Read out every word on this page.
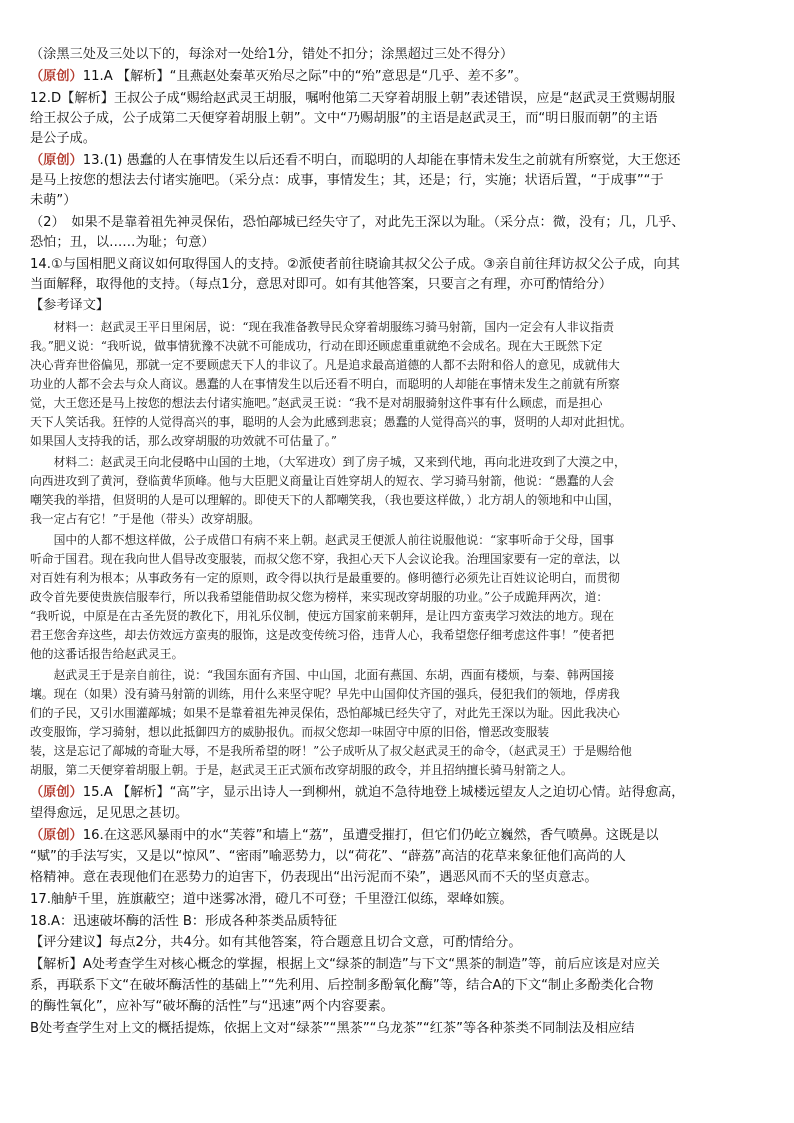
（涂黑三处及三处以下的，每涂对一处给1分，错处不扣分；涂黑超过三处不得分）
（原创）11.A 【解析】“且燕赵处秦革灭殆尽之际”中的“殆”意思是“几乎、差不多”。
12.D【解析】王叔公子成“赐给赵武灵王胡服，嘱咐他第二天穿着胡服上朝”表述错误，应是“赵武灵王赏赐胡服
给王叔公子成，公子成第二天便穿着胡服上朝”。文中“乃赐胡服”的主语是赵武灵王，而“明日服而朝”的主语
是公子成。
（原创）13.(1) 愚蠢的人在事情发生以后还看不明白，而聪明的人却能在事情未发生之前就有所察觉，大王您还
是马上按您的想法去付诸实施吧。（采分点：成事，事情发生；其，还是；行，实施；状语后置，“于成事”“于
未萌”）
（2）　如果不是靠着祖先神灵保佑，恐怕鄗城已经失守了，对此先王深以为耻。（采分点：微，没有；几，几乎、
恐怕；丑，以……为耻；句意）
14.①与国相肥义商议如何取得国人的支持。②派使者前往晓谕其叔父公子成。③亲自前往拜访叔父公子成，向其
当面解释，取得他的支持。（每点1分，意思对即可。如有其他答案，只要言之有理，亦可酌情给分）
【参考译文】
　　材料一：赵武灵王平日里闲居，说：“现在我准备教导民众穿着胡服练习骑马射箭，国内一定会有人非议指责
我。”肥义说：“我听说，做事情犹豫不决就不可能成功，行动在即还顾虑重重就绝不会成名。现在大王既然下定
决心背弃世俗偏见，那就一定不要顾虑天下人的非议了。凡是追求最高道德的人都不去附和俗人的意见，成就伟大
功业的人都不会去与众人商议。愚蠢的人在事情发生以后还看不明白，而聪明的人却能在事情未发生之前就有所察
觉，大王您还是马上按您的想法去付诸实施吧。”赵武灵王说：“我不是对胡服骑射这件事有什么顾虑，而是担心
天下人笑话我。狂悖的人觉得高兴的事，聪明的人会为此感到悲哀；愚蠢的人觉得高兴的事，贤明的人却对此担忧。
如果国人支持我的话，那么改穿胡服的功效就不可估量了。”
　　材料二：赵武灵王向北侵略中山国的土地，（大军进攻）到了房子城，又来到代地，再向北进攻到了大漠之中，
向西进攻到了黄河，登临黄华顶峰。他与大臣肥义商量让百姓穿胡人的短衣、学习骑马射箭，他说：“愚蠢的人会
嘲笑我的举措，但贤明的人是可以理解的。即使天下的人都嘲笑我，（我也要这样做，）北方胡人的领地和中山国，
我一定占有它！”于是他（带头）改穿胡服。
　　国中的人都不想这样做，公子成借口有病不来上朝。赵武灵王便派人前往说服他说：“家事听命于父母，国事
听命于国君。现在我向世人倡导改变服装，而叔父您不穿，我担心天下人会议论我。治理国家要有一定的章法，以
对百姓有利为根本；从事政务有一定的原则，政令得以执行是最重要的。修明德行必须先让百姓议论明白，而贯彻
政令首先要使贵族信服奉行，所以我希望能借助叔父您为榜样，来实现改穿胡服的功业。”公子成跪拜两次，道：
“我听说，中原是在古圣先贤的教化下，用礼乐仪制，使远方国家前来朝拜，是让四方蛮夷学习效法的地方。现在
君王您舍弃这些，却去仿效远方蛮夷的服饰，这是改变传统习俗，违背人心，我希望您仔细考虑这件事！”使者把
他的这番话报告给赵武灵王。
　　赵武灵王于是亲自前往，说：“我国东面有齐国、中山国，北面有燕国、东胡，西面有楼烦，与秦、韩两国接
壤。现在（如果）没有骑马射箭的训练，用什么来坚守呢？早先中山国仰仗齐国的强兵，侵犯我们的领地，俘虏我
们的子民，又引水围灌鄗城；如果不是靠着祖先神灵保佑，恐怕鄗城已经失守了，对此先王深以为耻。因此我决心
改变服饰，学习骑射，想以此抵御四方的威胁报仇。而叔父您却一味固守中原的旧俗，憎恶改变服装
装，这是忘记了鄗城的奇耻大辱，不是我所希望的呀！”公子成听从了叔父赵武灵王的命令，（赵武灵王）于是赐给他
胡服，第二天便穿着胡服上朝。于是，赵武灵王正式颁布改穿胡服的政令，并且招纳擅长骑马射箭之人。
（原创）15.A 【解析】“高”字，显示出诗人一到柳州，就迫不急待地登上城楼远望友人之迫切心情。站得愈高，
望得愈远，足见思之甚切。
（原创）16.在这恶风暴雨中的水“芙蓉”和墙上“荔”，虽遭受摧打，但它们仍屹立巍然，香气喷鼻。这既是以
“赋”的手法写实，又是以“惊风”、“密雨”喻恶势力，以“荷花”、“薜荔”高洁的花草来象征他们高尚的人
格精神。意在表现他们在恶势力的迫害下，仍表现出“出污泥而不染”，遇恶风而不夭的坚贞意志。
17.舳舻千里，旌旗蔽空；道中迷雾冰滑，磴几不可登；千里澄江似练，翠峰如簇。
18.A：迅速破坏酶的活性 B：形成各种茶类品质特征
【评分建议】每点2分，共4分。如有其他答案，符合题意且切合文意，可酌情给分。
【解析】A处考查学生对核心概念的掌握，根据上文“绿茶的制造”与下文“黑茶的制造”等，前后应该是对应关
系，再联系下文“在破坏酶活性的基础上”“先利用、后控制多酚氧化酶”等，结合A的下文“制止多酚类化合物
的酶性氧化”，应补写“破坏酶的活性”与“迅速”两个内容要素。
B处考查学生对上文的概括提炼，依据上文对“绿茶”“黑茶”“乌龙茶”“红茶”等各种茶类不同制法及相应结
